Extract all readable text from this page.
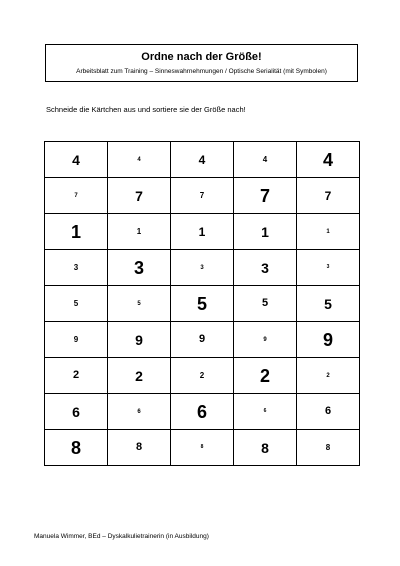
Ordne nach der Größe!
Arbeitsblatt zum Training – Sinneswahrnehmungen / Optische Serialität (mit Symbolen)
Schneide die Kärtchen aus und sortiere sie der Größe nach!
4	4	4	4	4
7	7	7	7	7
1	1	1	1	1
3	3	3	3	3
5	5	5	5	5
9	9	9	9	9
2	2	2	2	2
6	6	6	6	6
8	8	8	8	8
Manuela Wimmer, BEd – Dyskalkulietrainerin (in Ausbildung)
